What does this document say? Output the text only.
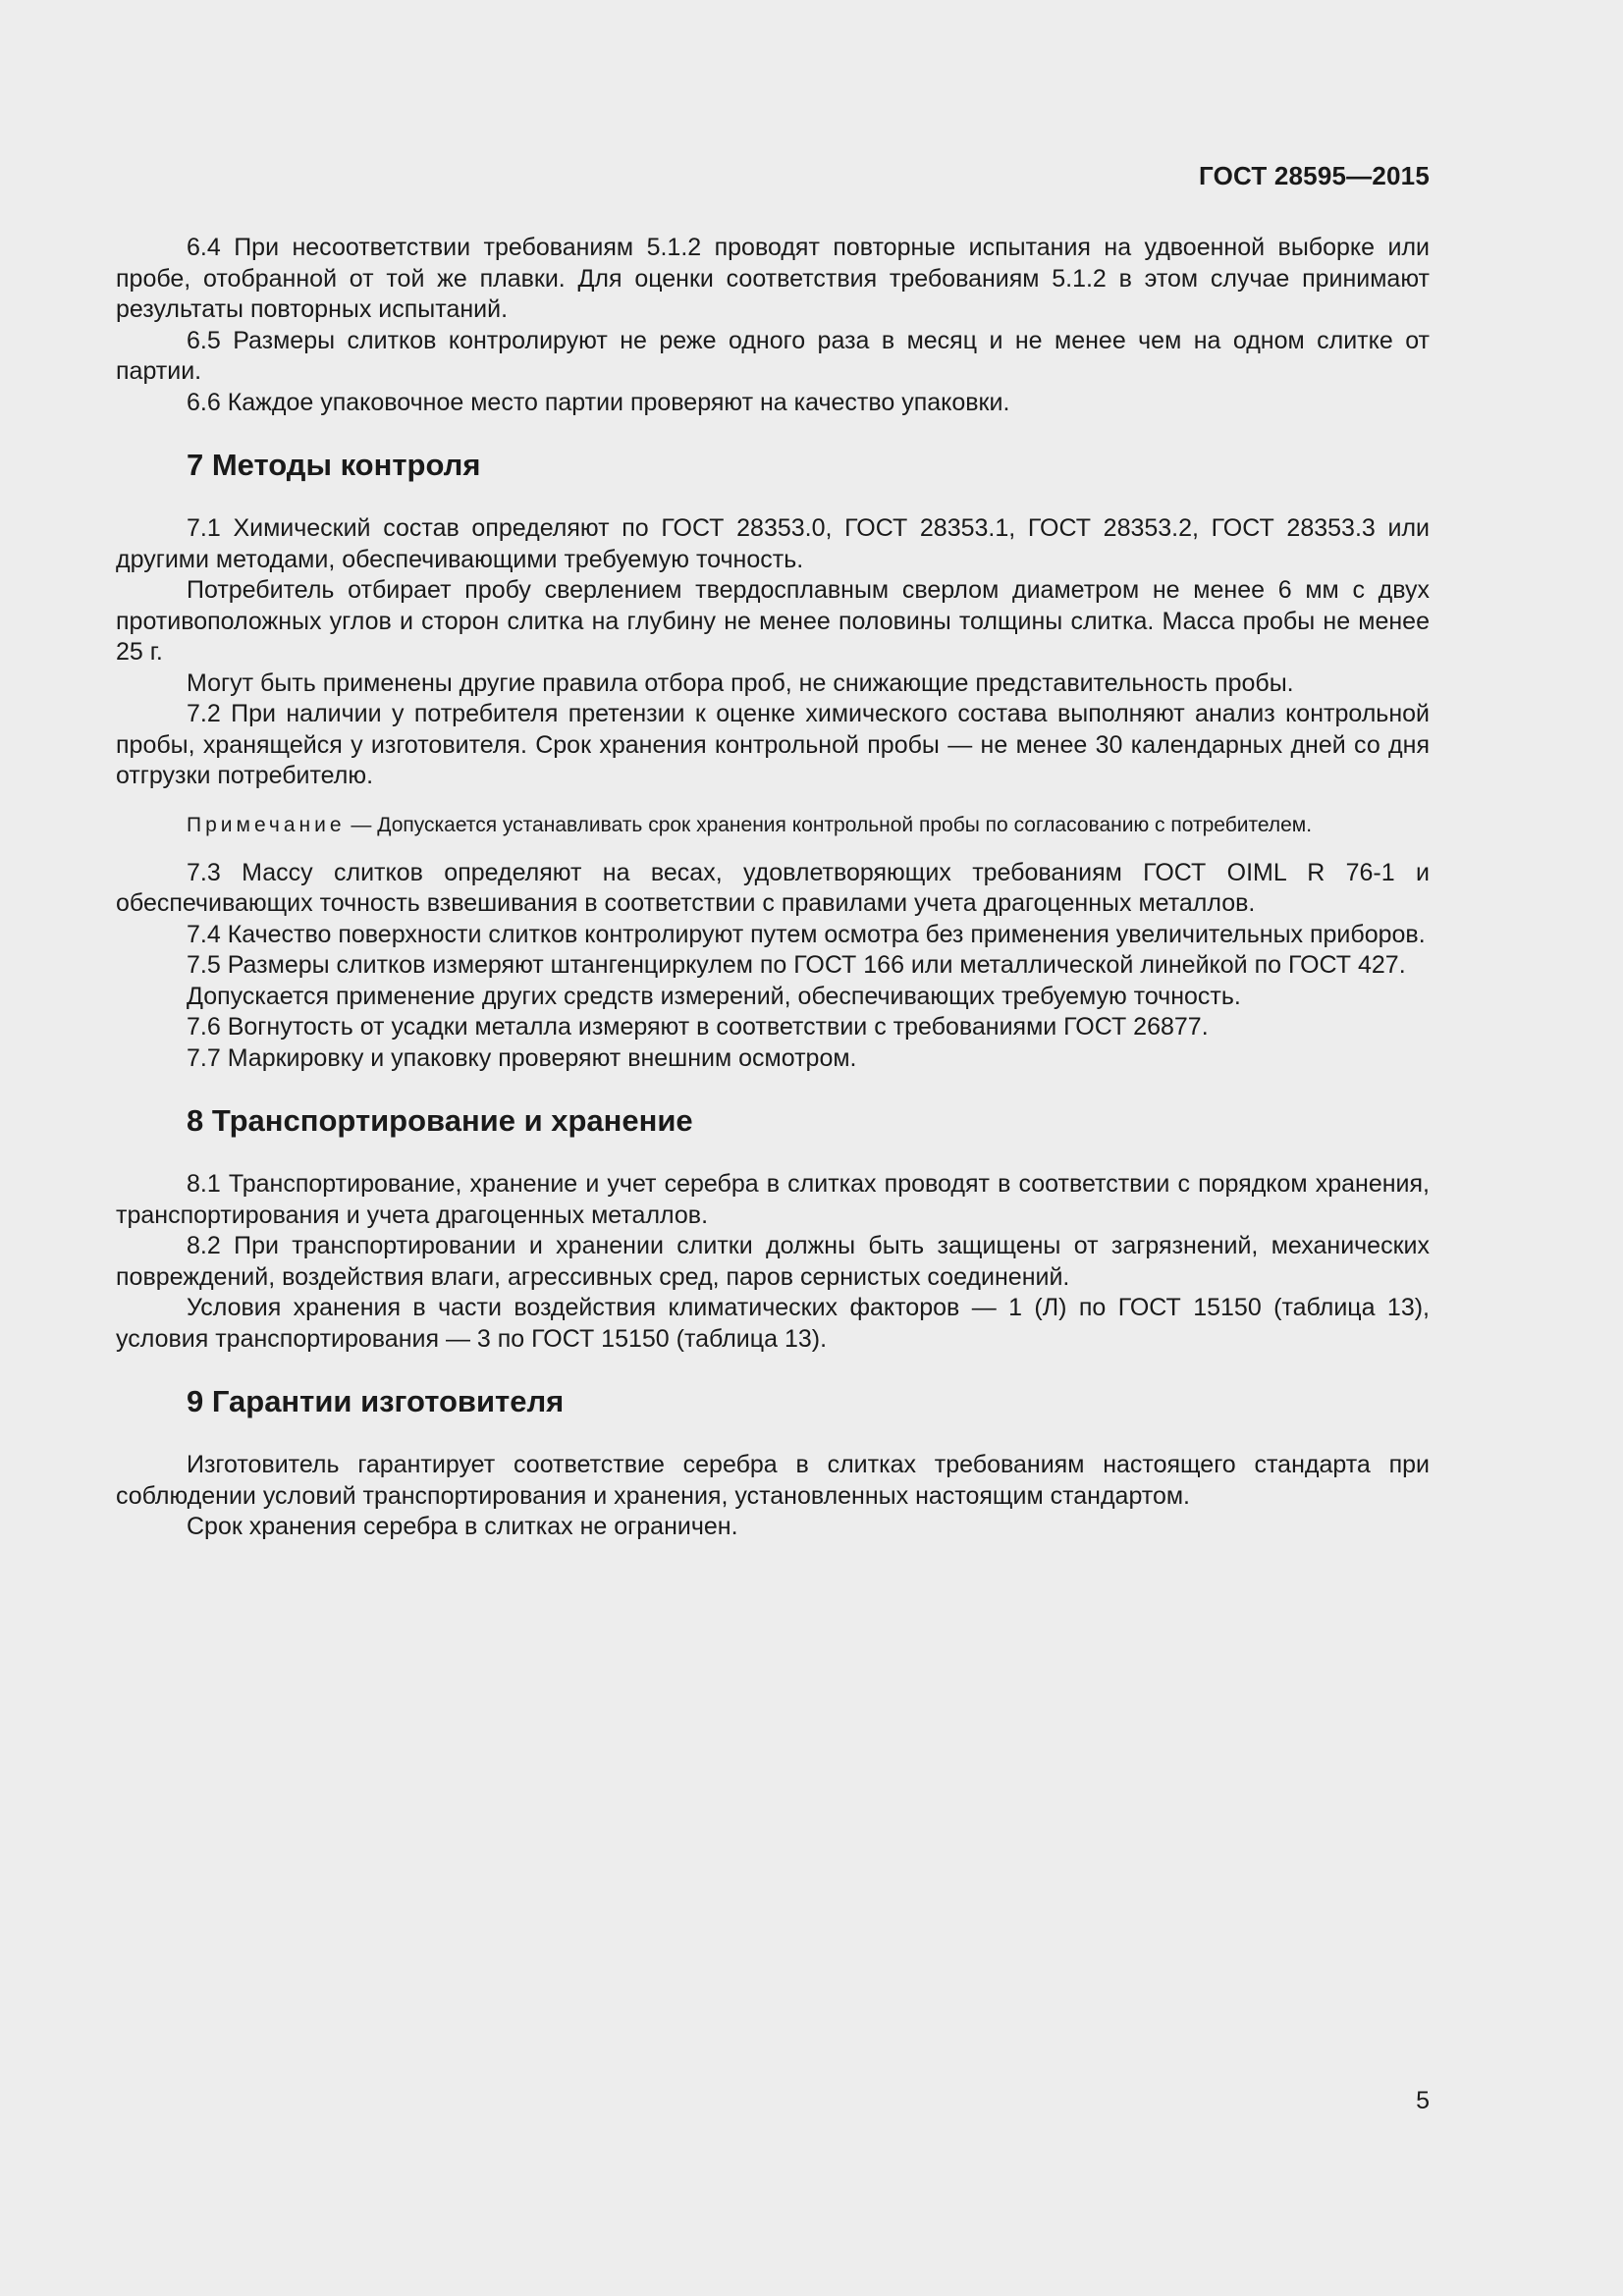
ГОСТ 28595—2015

6.4 При несоответствии требованиям 5.1.2 проводят повторные испытания на удвоенной выборке или пробе, отобранной от той же плавки. Для оценки соответствия требованиям 5.1.2 в этом случае принимают результаты повторных испытаний.

6.5 Размеры слитков контролируют не реже одного раза в месяц и не менее чем на одном слитке от партии.

6.6 Каждое упаковочное место партии проверяют на качество упаковки.

7 Методы контроля

7.1 Химический состав определяют по ГОСТ 28353.0, ГОСТ 28353.1, ГОСТ 28353.2, ГОСТ 28353.3 или другими методами, обеспечивающими требуемую точность.

Потребитель отбирает пробу сверлением твердосплавным сверлом диаметром не менее 6 мм с двух противоположных углов и сторон слитка на глубину не менее половины толщины слитка. Масса пробы не менее 25 г.

Могут быть применены другие правила отбора проб, не снижающие представительность пробы.

7.2 При наличии у потребителя претензии к оценке химического состава выполняют анализ контрольной пробы, хранящейся у изготовителя. Срок хранения контрольной пробы — не менее 30 календарных дней со дня отгрузки потребителю.

Примечание — Допускается устанавливать срок хранения контрольной пробы по согласованию с потребителем.

7.3 Массу слитков определяют на весах, удовлетворяющих требованиям ГОСТ OIML R 76-1 и обеспечивающих точность взвешивания в соответствии с правилами учета драгоценных металлов.

7.4 Качество поверхности слитков контролируют путем осмотра без применения увеличительных приборов.

7.5 Размеры слитков измеряют штангенциркулем по ГОСТ 166 или металлической линейкой по ГОСТ 427.

Допускается применение других средств измерений, обеспечивающих требуемую точность.

7.6 Вогнутость от усадки металла измеряют в соответствии с требованиями ГОСТ 26877.

7.7 Маркировку и упаковку проверяют внешним осмотром.

8 Транспортирование и хранение

8.1 Транспортирование, хранение и учет серебра в слитках проводят в соответствии с порядком хранения, транспортирования и учета драгоценных металлов.

8.2 При транспортировании и хранении слитки должны быть защищены от загрязнений, механических повреждений, воздействия влаги, агрессивных сред, паров сернистых соединений.

Условия хранения в части воздействия климатических факторов — 1 (Л) по ГОСТ 15150 (таблица 13), условия транспортирования — 3 по ГОСТ 15150 (таблица 13).

9 Гарантии изготовителя

Изготовитель гарантирует соответствие серебра в слитках требованиям настоящего стандарта при соблюдении условий транспортирования и хранения, установленных настоящим стандартом.

Срок хранения серебра в слитках не ограничен.

5
